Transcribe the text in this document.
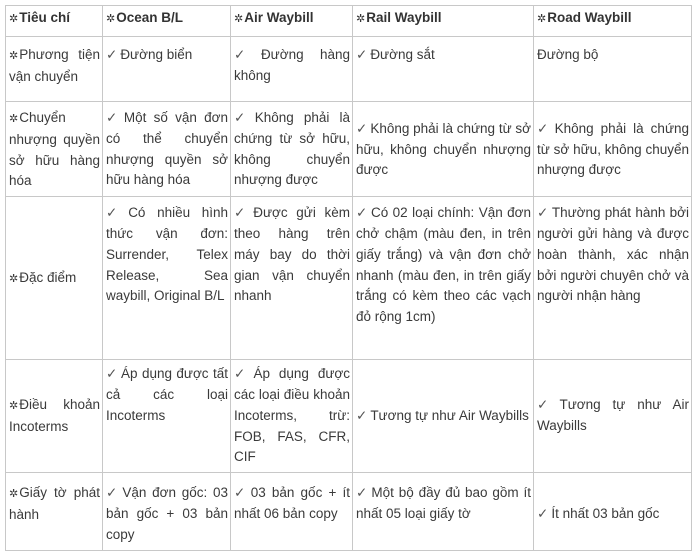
✲Tiêu chí	✲Ocean B/L	✲Air Waybill	✲Rail Waybill	✲Road Waybill
✲Phương tiện vận chuyển	✓ Đường biển	✓ Đường hàng không	✓ Đường sắt	Đường bộ
✲Chuyển nhượng quyền sở hữu hàng hóa	✓ Một số vận đơn có thể chuyển nhượng quyền sở hữu hàng hóa	✓ Không phải là chứng từ sở hữu, không chuyển nhượng được	✓ Không phải là chứng từ sở hữu, không chuyển nhượng được	✓ Không phải là chứng từ sở hữu, không chuyển nhượng được
✲Đặc điểm	✓ Có nhiều hình thức vận đơn: Surrender, Telex Release, Sea waybill, Original B/L	✓ Được gửi kèm theo hàng trên máy bay do thời gian vận chuyển nhanh	✓ Có 02 loại chính: Vận đơn chở chậm (màu đen, in trên giấy trắng) và vận đơn chở nhanh (màu đen, in trên giấy trắng có kèm theo các vạch đỏ rộng 1cm)	✓ Thường phát hành bởi người gửi hàng và được hoàn thành, xác nhận bởi người chuyên chở và người nhận hàng
✲Điều khoản Incoterms	✓ Áp dụng được tất cả các loại Incoterms	✓ Áp dụng được các loại điều khoản Incoterms, trừ: FOB, FAS, CFR, CIF	✓ Tương tự như Air Waybills	✓ Tương tự như Air Waybills
✲Giấy tờ phát hành	✓ Vận đơn gốc: 03 bản gốc + 03 bản copy	✓ 03 bản gốc + ít nhất 06 bản copy	✓ Một bộ đầy đủ bao gồm ít nhất 05 loại giấy tờ	✓ Ít nhất 03 bản gốc
